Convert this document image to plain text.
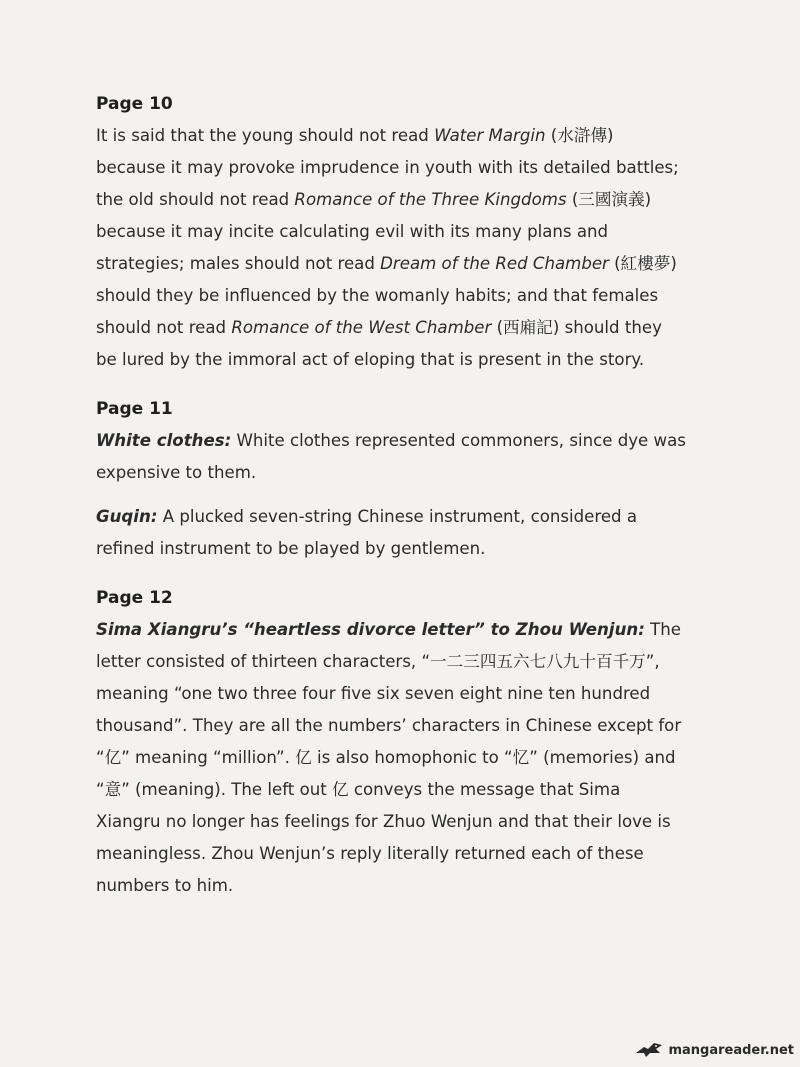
Page 10

It is said that the young should not read Water Margin (水滸傳) because it may provoke imprudence in youth with its detailed battles; the old should not read Romance of the Three Kingdoms (三國演義) because it may incite calculating evil with its many plans and strategies; males should not read Dream of the Red Chamber (紅樓夢) should they be influenced by the womanly habits; and that females should not read Romance of the West Chamber (西廂記) should they be lured by the immoral act of eloping that is present in the story.

Page 11

White clothes: White clothes represented commoners, since dye was expensive to them.

Guqin: A plucked seven-string Chinese instrument, considered a refined instrument to be played by gentlemen.

Page 12

Sima Xiangru’s “heartless divorce letter” to Zhou Wenjun: The letter consisted of thirteen characters, “一二三四五六七八九十百千万”, meaning “one two three four five six seven eight nine ten hundred thousand”. They are all the numbers’ characters in Chinese except for “亿” meaning “million”. 亿 is also homophonic to “忆” (memories) and “意” (meaning). The left out 亿 conveys the message that Sima Xiangru no longer has feelings for Zhuo Wenjun and that their love is meaningless. Zhou Wenjun’s reply literally returned each of these numbers to him.

mangareader.net
